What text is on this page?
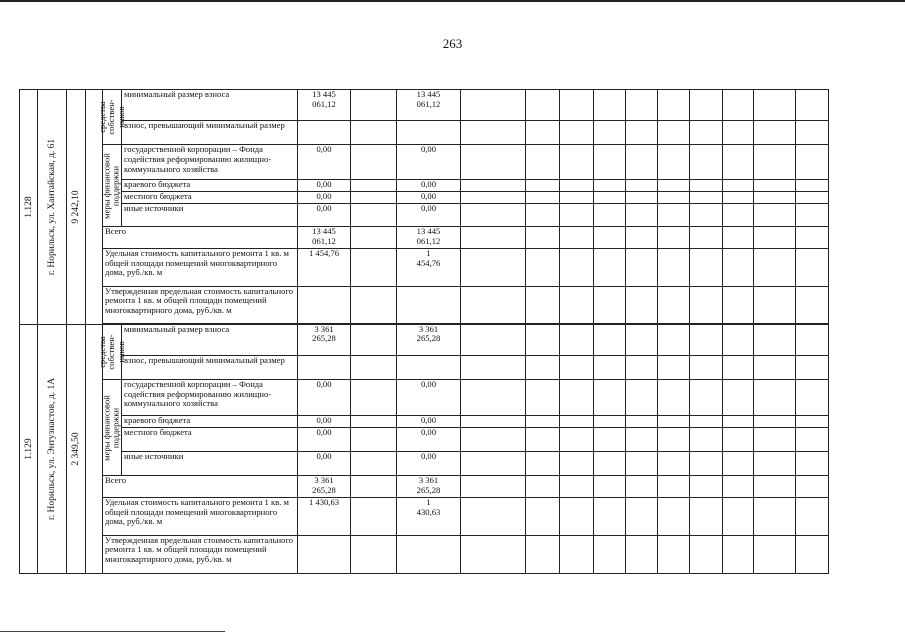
263
1.128	г. Норильск, ул. Хантайская, д. 61	9 242,10		средства собствен- ников	минимальный размер взноса	13 445
061,12		13 445
061,12											

					взнос, превышающий минимальный размер														

				меры финансовой поддержки	государственной корпорации – Фонда содействия реформированию жилищно-коммунального хозяйства	0,00		0,00											
					краевого бюджета	0,00		0,00											
					местного бюджета	0,00		0,00											
					иные источники	0,00		0,00											
				Всего		13 445
061,12		13 445
061,12											

				Удельная стоимость капитального ремонта 1 кв. м общей площади помещений многоквартирного дома, руб./кв. м		1 454,76		1
454,76											

				Утвержденная предельная стоимость капитального ремонта 1 кв. м общей площади помещений многоквартирного дома, руб./кв. м															

1.129	г. Норильск, ул. Энтузиастов, д. 1А	2 349,50		средства собствен- ников	минимальный размер взноса	3 361
265,28		3 361
265,28											

					взнос, превышающий минимальный размер														

				меры финансовой поддержки	государственной корпорации – Фонда содействия реформированию жилищно-коммунального хозяйства	0,00		0,00											
					краевого бюджета	0,00		0,00											
					местного бюджета	0,00		0,00											
					иные источники	0,00		0,00											
				Всего		3 361
265,28		3 361
265,28											

				Удельная стоимость капитального ремонта 1 кв. м общей площади помещений многоквартирного дома, руб./кв. м		1 430,63		1
430,63											

				Утвержденная предельная стоимость капитального ремонта 1 кв. м общей площади помещений многоквартирного дома, руб./кв. м															
